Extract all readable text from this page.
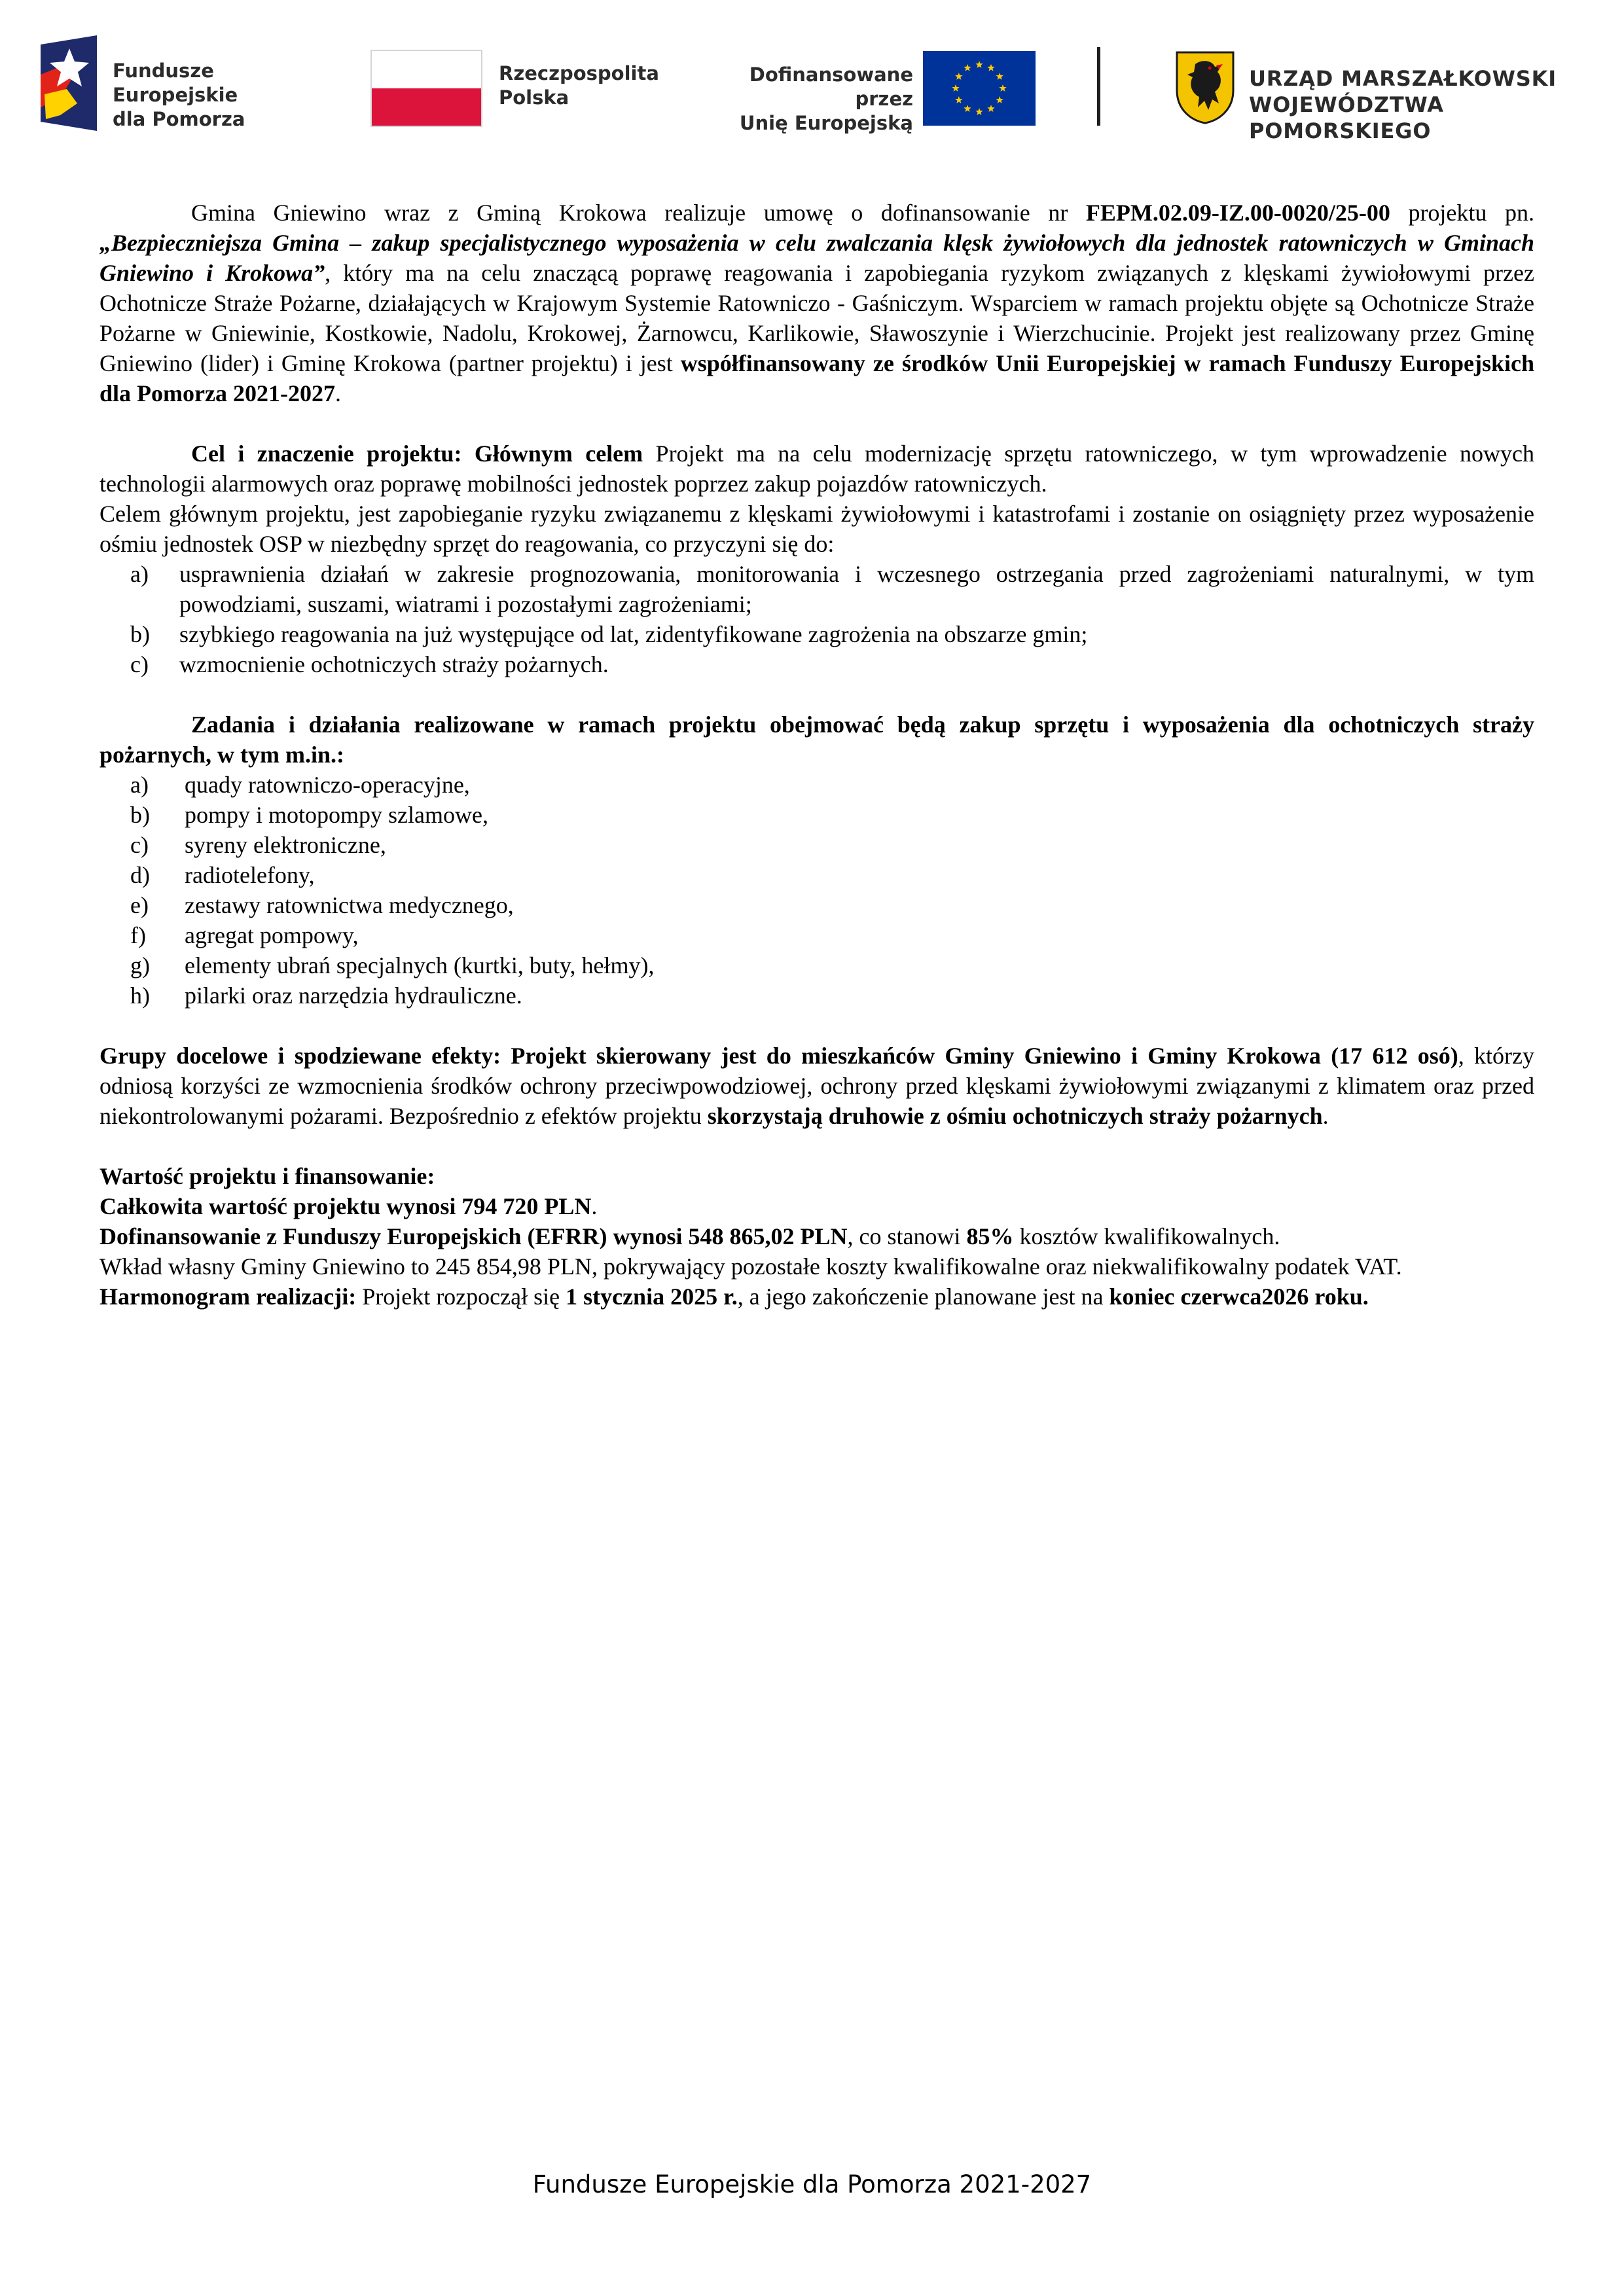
Fundusze Europejskie
dla Pomorza
Rzeczpospolita
Polska
Dofinansowane przez
Unię Europejską
URZĄD MARSZAŁKOWSKI
WOJEWÓDZTWA POMORSKIEGO

Gmina Gniewino wraz z Gminą Krokowa realizuje umowę o dofinansowanie nr FEPM.02.09-IZ.00-0020/25-00 projektu pn. „Bezpieczniejsza Gmina – zakup specjalistycznego wyposażenia w celu zwalczania klęsk żywiołowych dla jednostek ratowniczych w Gminach Gniewino i Krokowa”, który ma na celu znaczącą poprawę reagowania i zapobiegania ryzykom związanych z klęskami żywiołowymi przez Ochotnicze Straże Pożarne, działających w Krajowym Systemie Ratowniczo - Gaśniczym. Wsparciem w ramach projektu objęte są Ochotnicze Straże Pożarne w Gniewinie, Kostkowie, Nadolu, Krokowej, Żarnowcu, Karlikowie, Sławoszynie i Wierzchucinie. Projekt jest realizowany przez Gminę Gniewino (lider) i Gminę Krokowa (partner projektu) i jest współfinansowany ze środków Unii Europejskiej w ramach Funduszy Europejskich dla Pomorza 2021-2027.

Cel i znaczenie projektu: Głównym celem Projekt ma na celu modernizację sprzętu ratowniczego, w tym wprowadzenie nowych technologii alarmowych oraz poprawę mobilności jednostek poprzez zakup pojazdów ratowniczych.

Celem głównym projektu, jest zapobieganie ryzyku związanemu z klęskami żywiołowymi i katastrofami i zostanie on osiągnięty przez wyposażenie ośmiu jednostek OSP w niezbędny sprzęt do reagowania, co przyczyni się do:

a) usprawnienia działań w zakresie prognozowania, monitorowania i wczesnego ostrzegania przed zagrożeniami naturalnymi, w tym powodziami, suszami, wiatrami i pozostałymi zagrożeniami;
b) szybkiego reagowania na już występujące od lat, zidentyfikowane zagrożenia na obszarze gmin;
c) wzmocnienie ochotniczych straży pożarnych.

Zadania i działania realizowane w ramach projektu obejmować będą zakup sprzętu i wyposażenia dla ochotniczych straży pożarnych, w tym m.in.:

a) quady ratowniczo-operacyjne,
b) pompy i motopompy szlamowe,
c) syreny elektroniczne,
d) radiotelefony,
e) zestawy ratownictwa medycznego,
f) agregat pompowy,
g) elementy ubrań specjalnych (kurtki, buty, hełmy),
h) pilarki oraz narzędzia hydrauliczne.

Grupy docelowe i spodziewane efekty: Projekt skierowany jest do mieszkańców Gminy Gniewino i Gminy Krokowa (17 612 osó), którzy odniosą korzyści ze wzmocnienia środków ochrony przeciwpowodziowej, ochrony przed klęskami żywiołowymi związanymi z klimatem oraz przed niekontrolowanymi pożarami. Bezpośrednio z efektów projektu skorzystają druhowie z ośmiu ochotniczych straży pożarnych.

Wartość projektu i finansowanie:

Całkowita wartość projektu wynosi 794 720 PLN.

Dofinansowanie z Funduszy Europejskich (EFRR) wynosi 548 865,02 PLN, co stanowi 85% kosztów kwalifikowalnych.

Wkład własny Gminy Gniewino to 245 854,98 PLN, pokrywający pozostałe koszty kwalifikowalne oraz niekwalifikowalny podatek VAT.

Harmonogram realizacji: Projekt rozpoczął się 1 stycznia 2025 r., a jego zakończenie planowane jest na koniec czerwca2026 roku.

Fundusze Europejskie dla Pomorza 2021-2027
